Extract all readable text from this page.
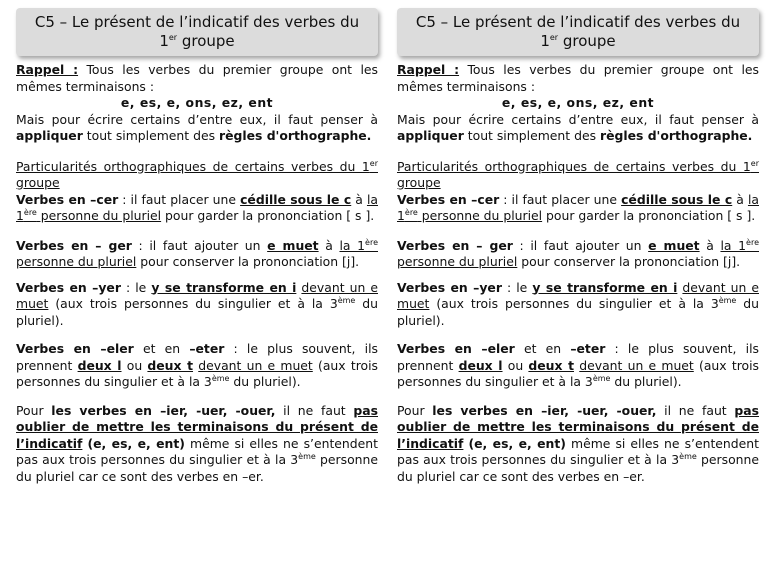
C5 – Le présent de l’indicatif des verbes du
1er groupe
Rappel : Tous les verbes du premier groupe ont les mêmes terminaisons :
e, es, e, ons, ez, ent
Mais pour écrire certains d’entre eux, il faut penser à appliquer tout simplement des règles d'orthographe.
Particularités orthographiques de certains verbes du 1er groupe
Verbes en –cer : il faut placer une cédille sous le c à la 1ère personne du pluriel pour garder la prononciation [ s ].
Verbes en – ger : il faut ajouter un e muet à la 1ère personne du pluriel pour conserver la prononciation [j].
Verbes en –yer : le y se transforme en i devant un e muet (aux trois personnes du singulier et à la 3ème du pluriel).
Verbes en –eler et en –eter : le plus souvent, ils prennent deux l ou deux t devant un e muet (aux trois personnes du singulier et à la 3ème du pluriel).
Pour les verbes en –ier, -uer, -ouer, il ne faut pas oublier de mettre les terminaisons du présent de l’indicatif (e, es, e, ent) même si elles ne s’entendent pas aux trois personnes du singulier et à la 3ème personne du pluriel car ce sont des verbes en –er.
C5 – Le présent de l’indicatif des verbes du
1er groupe
Rappel : Tous les verbes du premier groupe ont les mêmes terminaisons :
e, es, e, ons, ez, ent
Mais pour écrire certains d’entre eux, il faut penser à appliquer tout simplement des règles d'orthographe.
Particularités orthographiques de certains verbes du 1er groupe
Verbes en –cer : il faut placer une cédille sous le c à la 1ère personne du pluriel pour garder la prononciation [ s ].
Verbes en – ger : il faut ajouter un e muet à la 1ère personne du pluriel pour conserver la prononciation [j].
Verbes en –yer : le y se transforme en i devant un e muet (aux trois personnes du singulier et à la 3ème du pluriel).
Verbes en –eler et en –eter : le plus souvent, ils prennent deux l ou deux t devant un e muet (aux trois personnes du singulier et à la 3ème du pluriel).
Pour les verbes en –ier, -uer, -ouer, il ne faut pas oublier de mettre les terminaisons du présent de l’indicatif (e, es, e, ent) même si elles ne s’entendent pas aux trois personnes du singulier et à la 3ème personne du pluriel car ce sont des verbes en –er.
